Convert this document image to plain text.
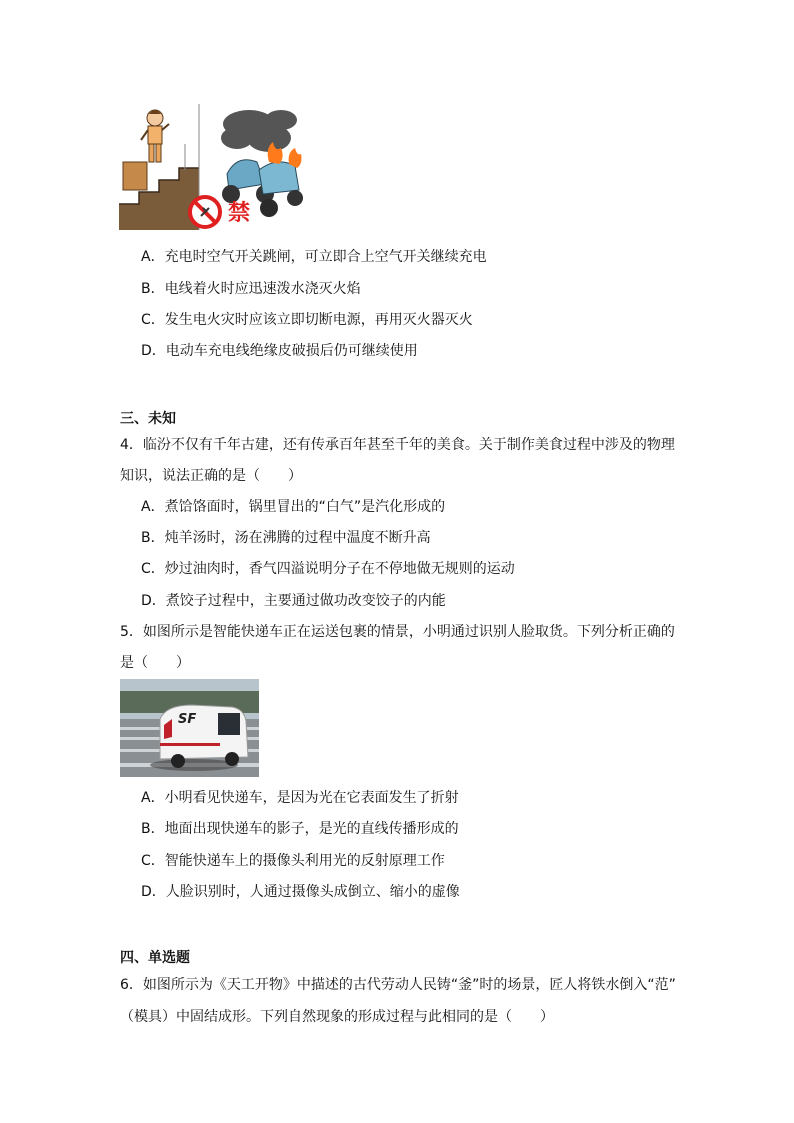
禁
A．充电时空气开关跳闸，可立即合上空气开关继续充电
B．电线着火时应迅速泼水浇灭火焰
C．发生电火灾时应该立即切断电源，再用灭火器灭火
D．电动车充电线绝缘皮破损后仍可继续使用
三、未知
4．临汾不仅有千年古建，还有传承百年甚至千年的美食。关于制作美食过程中涉及的物理
知识，说法正确的是（　　）
A．煮饸饹面时，锅里冒出的“白气”是汽化形成的
B．炖羊汤时，汤在沸腾的过程中温度不断升高
C．炒过油肉时，香气四溢说明分子在不停地做无规则的运动
D．煮饺子过程中，主要通过做功改变饺子的内能
5．如图所示是智能快递车正在运送包裹的情景，小明通过识别人脸取货。下列分析正确的
是（　　）
SF
A．小明看见快递车，是因为光在它表面发生了折射
B．地面出现快递车的影子，是光的直线传播形成的
C．智能快递车上的摄像头利用光的反射原理工作
D．人脸识别时，人通过摄像头成倒立、缩小的虚像
四、单选题
6．如图所示为《天工开物》中描述的古代劳动人民铸“釜”时的场景，匠人将铁水倒入“范”
（模具）中固结成形。下列自然现象的形成过程与此相同的是（　　）
